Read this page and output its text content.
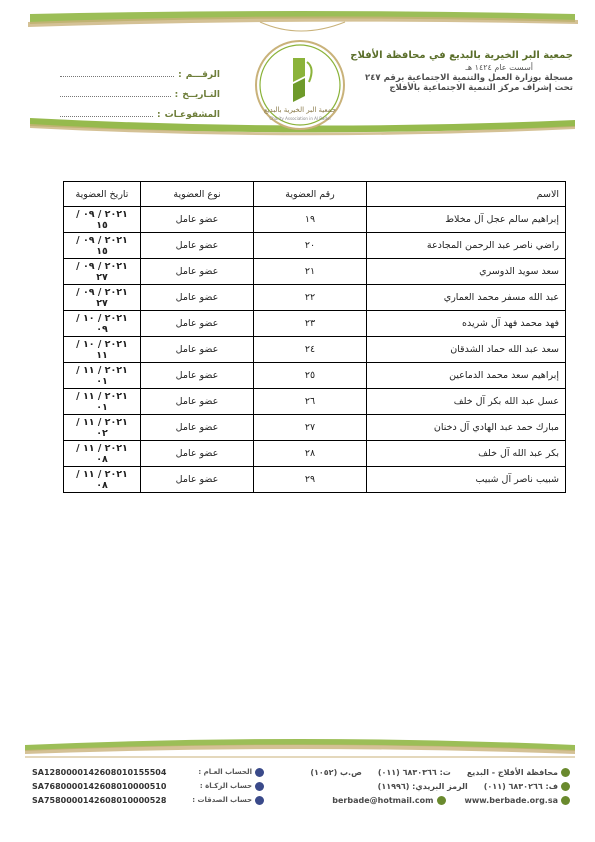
جمعية البر الخيرية بالبديع
Charity Association in Al Badei
جمعية البر الخيرية بالبديع في محافظة الأفلاج
أسست عام ١٤٢٤ هـ
مسجلة بوزارة العمل والتنمية الاجتماعية برقم ٢٤٧
تحت إشراف مركز التنمية الاجتماعية بالأفلاج
الرقـــم
:
التـاريــخ
:
المشفوعـات
:
الاسم	رقم العضوية	نوع العضوية	تاريخ العضوية
إبراهيم سالم عجل آل مخلاط	١٩	عضو عامل	٢٠٢١ / ٠٩ / ١٥
راضي ناصر عبد الرحمن المجادعة	٢٠	عضو عامل	٢٠٢١ / ٠٩ / ١٥
سعد سويد الدوسري	٢١	عضو عامل	٢٠٢١ / ٠٩ / ٢٧
عبد الله مسفر محمد العماري	٢٢	عضو عامل	٢٠٢١ / ٠٩ / ٢٧
فهد محمد فهد آل شريده	٢٣	عضو عامل	٢٠٢١ / ١٠ / ٠٩
سعد عبد الله حماد الشدقان	٢٤	عضو عامل	٢٠٢١ / ١٠ / ١١
إبراهيم سعد محمد الدماعين	٢٥	عضو عامل	٢٠٢١ / ١١ / ٠١
عسل عبد الله بكر آل خلف	٢٦	عضو عامل	٢٠٢١ / ١١ / ٠١
مبارك حمد عبد الهادي آل دخنان	٢٧	عضو عامل	٢٠٢١ / ١١ / ٠٢
بكر عبد الله آل خلف	٢٨	عضو عامل	٢٠٢١ / ١١ / ٠٨
شبيب ناصر آل شبيب	٢٩	عضو عامل	٢٠٢١ / ١١ / ٠٨
محافظة الأفلاج - البديع
ت: ٦٨٣٠٣٦٦ (٠١١)
ص.ب (١٠٥٢)
ف: ٦٨٣٠٢٦٦ (٠١١)
الرمز البريدي: (١١٩٩٦)
www.berbade.org.sa
berbade@hotmail.com
SA1280000142608010155504	الحساب العـام :
SA7680000142608010000510	حساب الزكـاة :
SA7580000142608010000528	حساب الصدقات :
